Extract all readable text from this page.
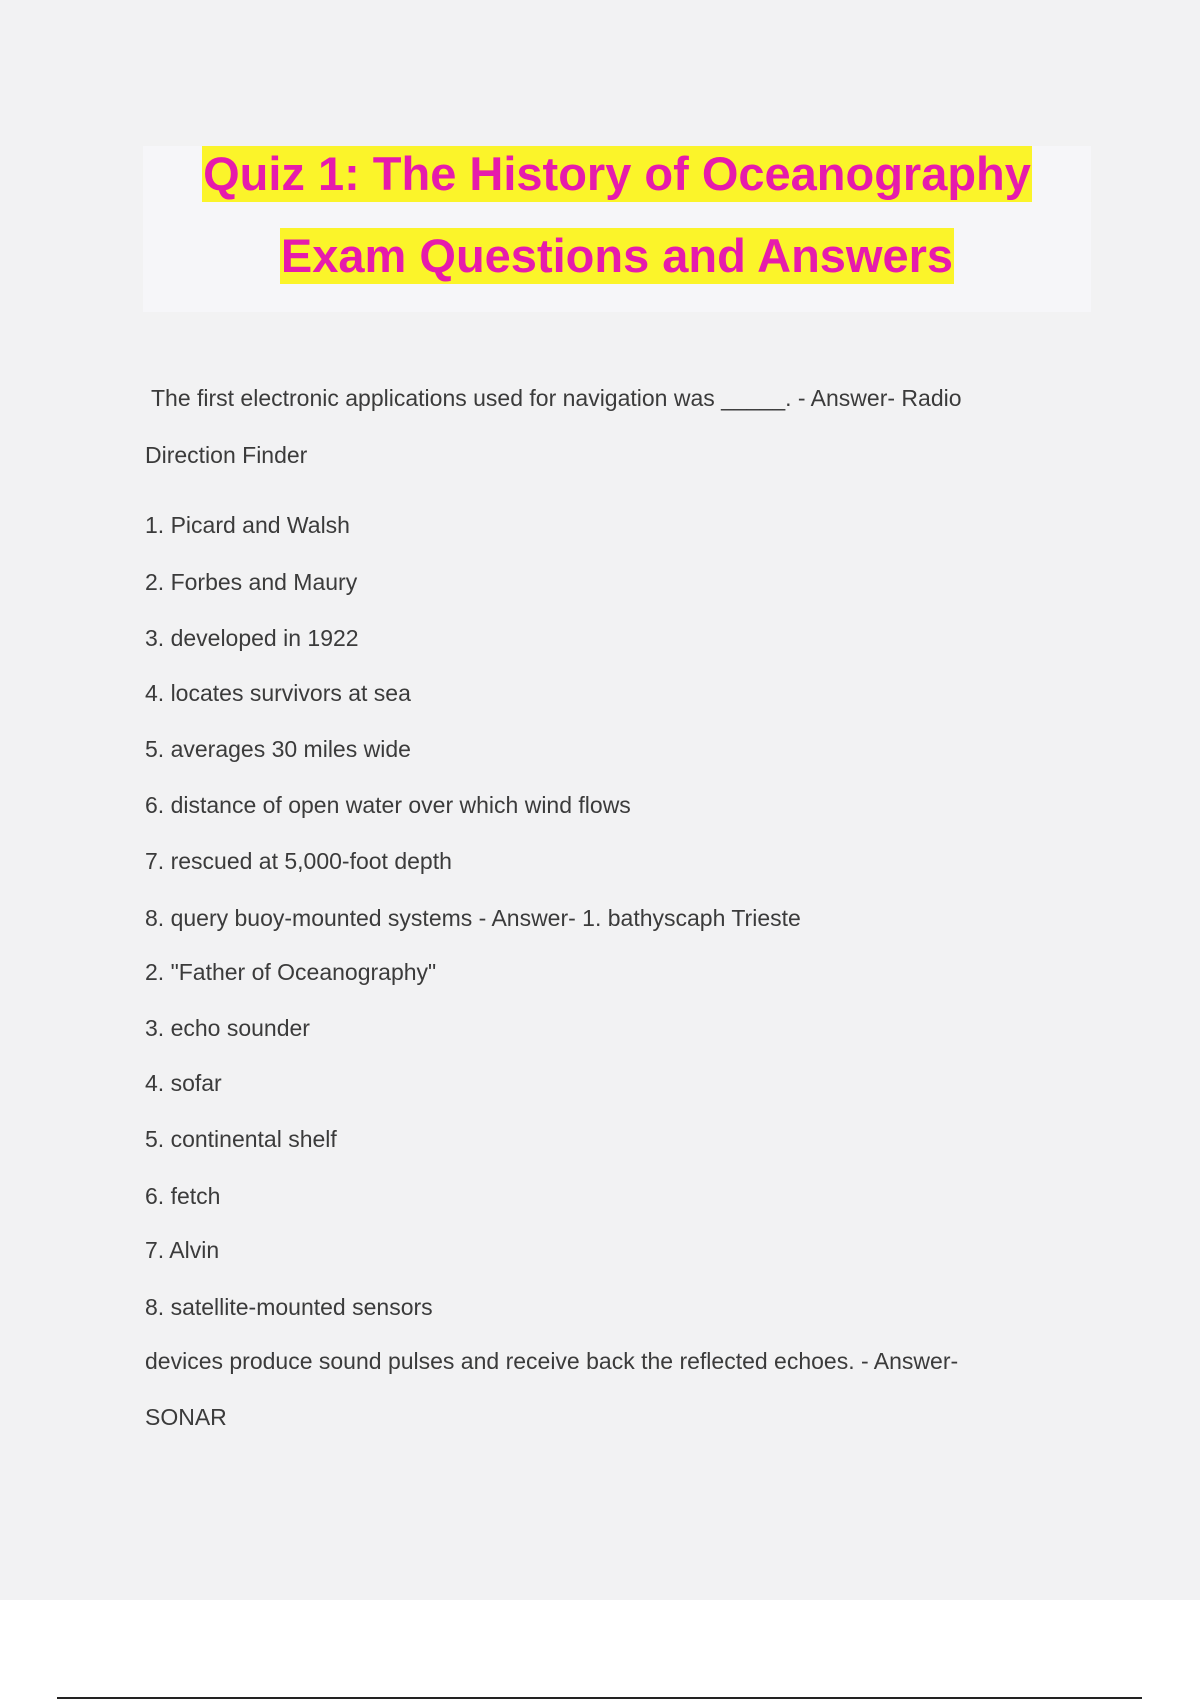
Quiz 1: The History of Oceanography
Exam Questions and Answers
The first electronic applications used for navigation was _____. - Answer- Radio
Direction Finder
1. Picard and Walsh
2. Forbes and Maury
3. developed in 1922
4. locates survivors at sea
5. averages 30 miles wide
6. distance of open water over which wind flows
7. rescued at 5,000-foot depth
8. query buoy-mounted systems - Answer- 1. bathyscaph Trieste
2. "Father of Oceanography"
3. echo sounder
4. sofar
5. continental shelf
6. fetch
7. Alvin
8. satellite-mounted sensors
devices produce sound pulses and receive back the reflected echoes. - Answer-
SONAR
